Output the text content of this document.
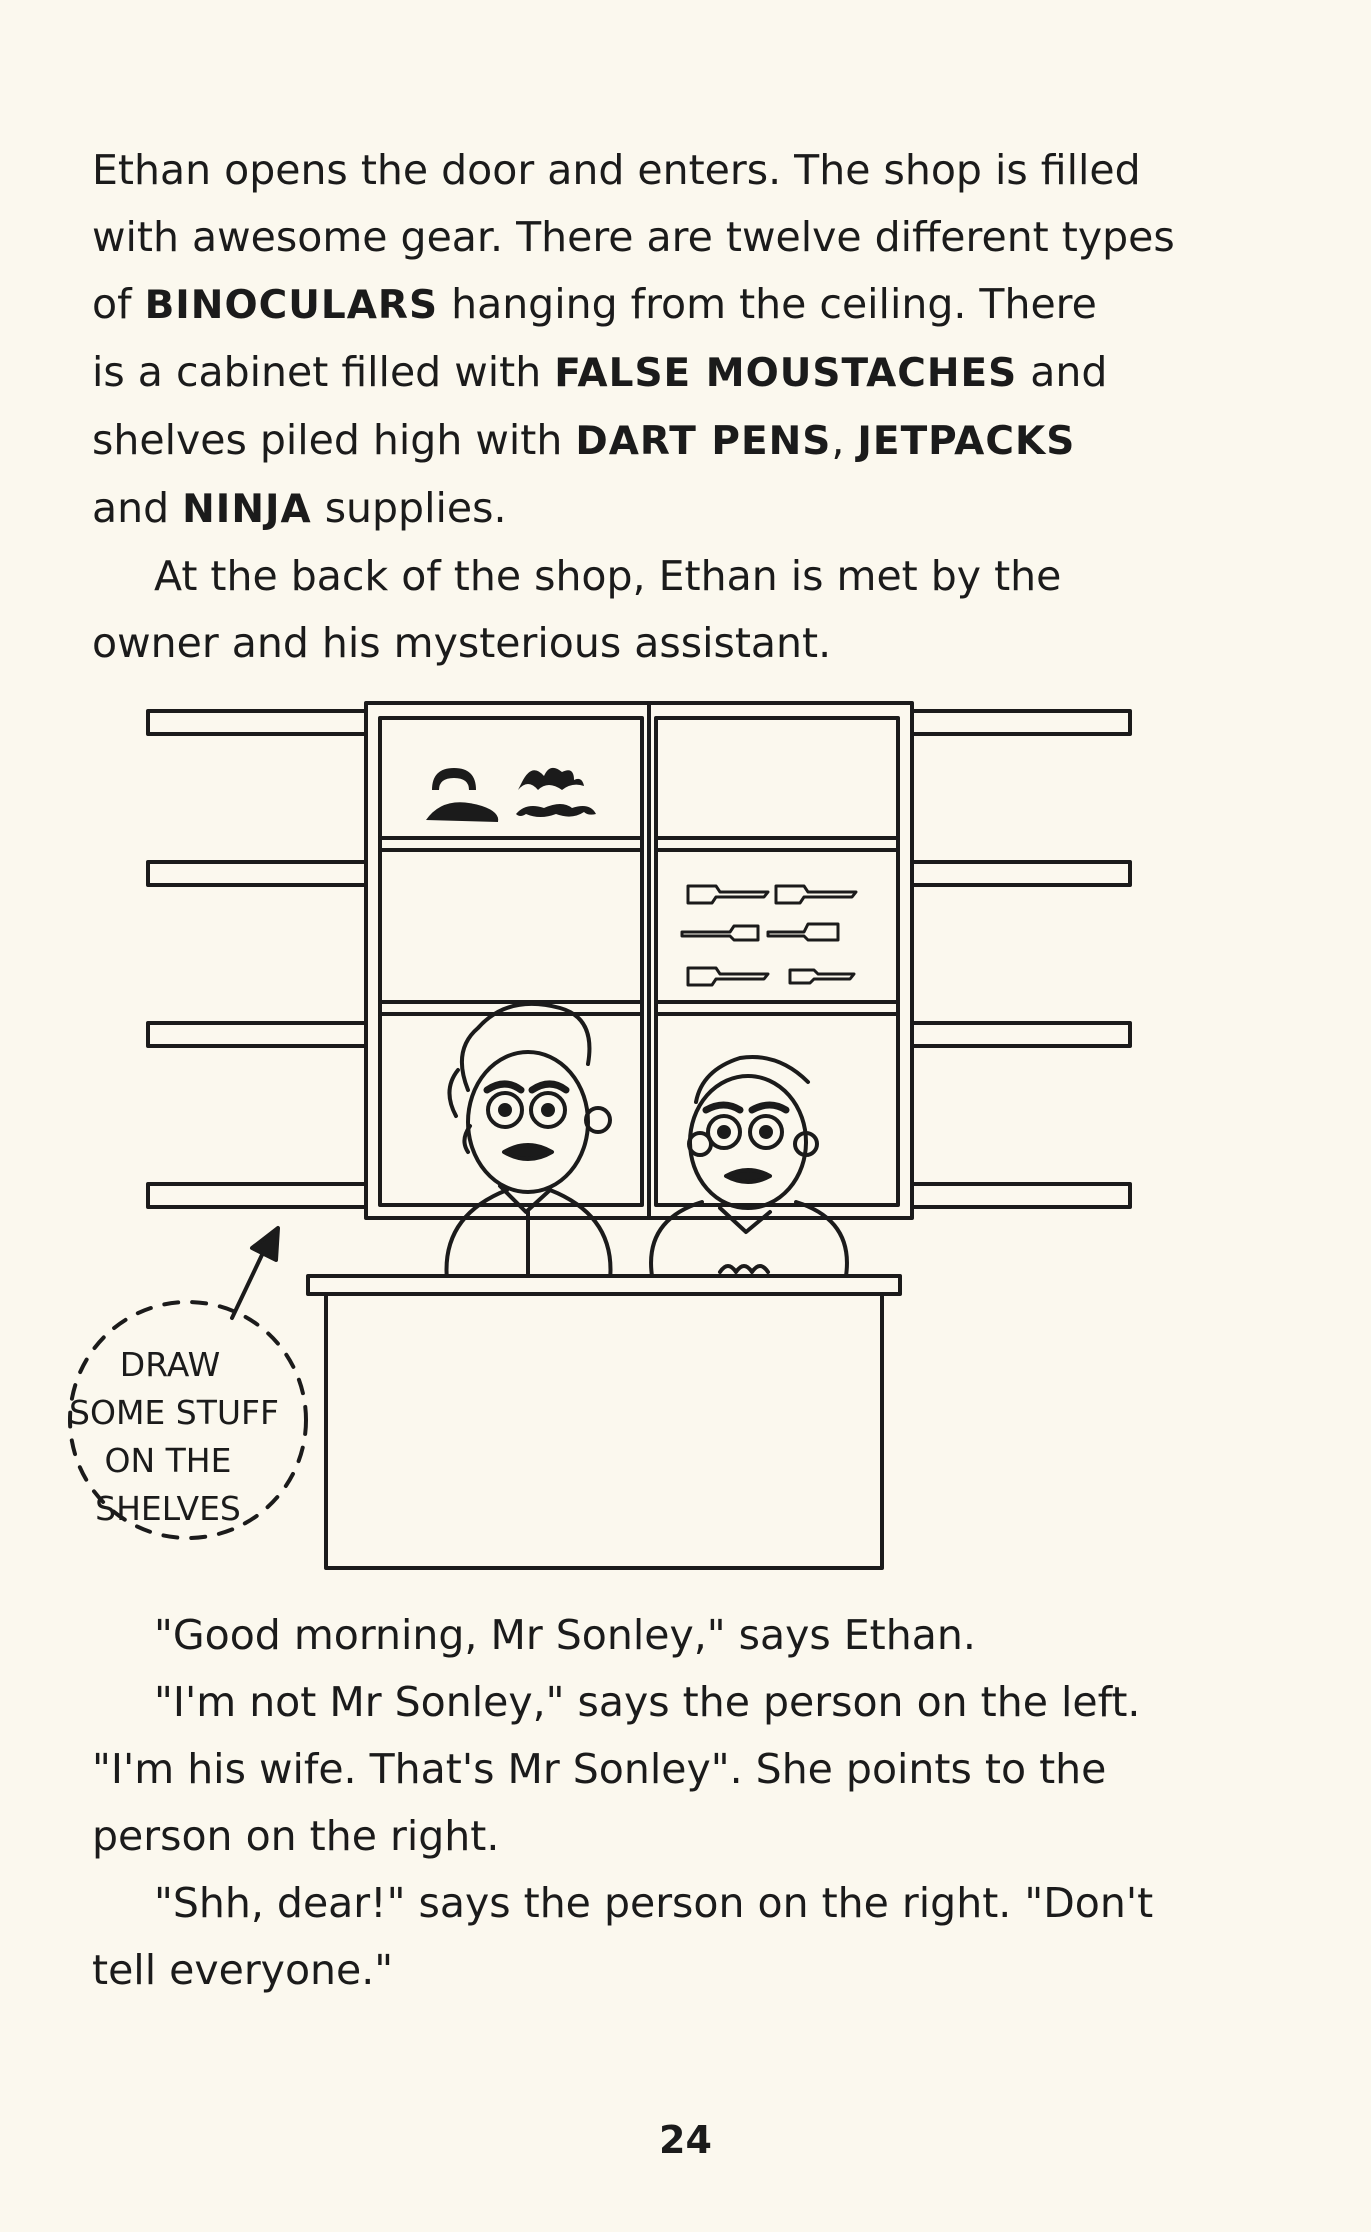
Ethan opens the door and enters. The shop is filled
with awesome gear. There are twelve different types
of BINOCULARS hanging from the ceiling. There
is a cabinet filled with FALSE MOUSTACHES and
shelves piled high with DART PENS, JETPACKS
and NINJA supplies.
At the back of the shop, Ethan is met by the
owner and his mysterious assistant.
DRAW
SOME STUFF
ON THE
SHELVES
"Good morning, Mr Sonley," says Ethan.
"I'm not Mr Sonley," says the person on the left.
"I'm his wife. That's Mr Sonley". She points to the
person on the right.
"Shh, dear!" says the person on the right. "Don't
tell everyone."
24
